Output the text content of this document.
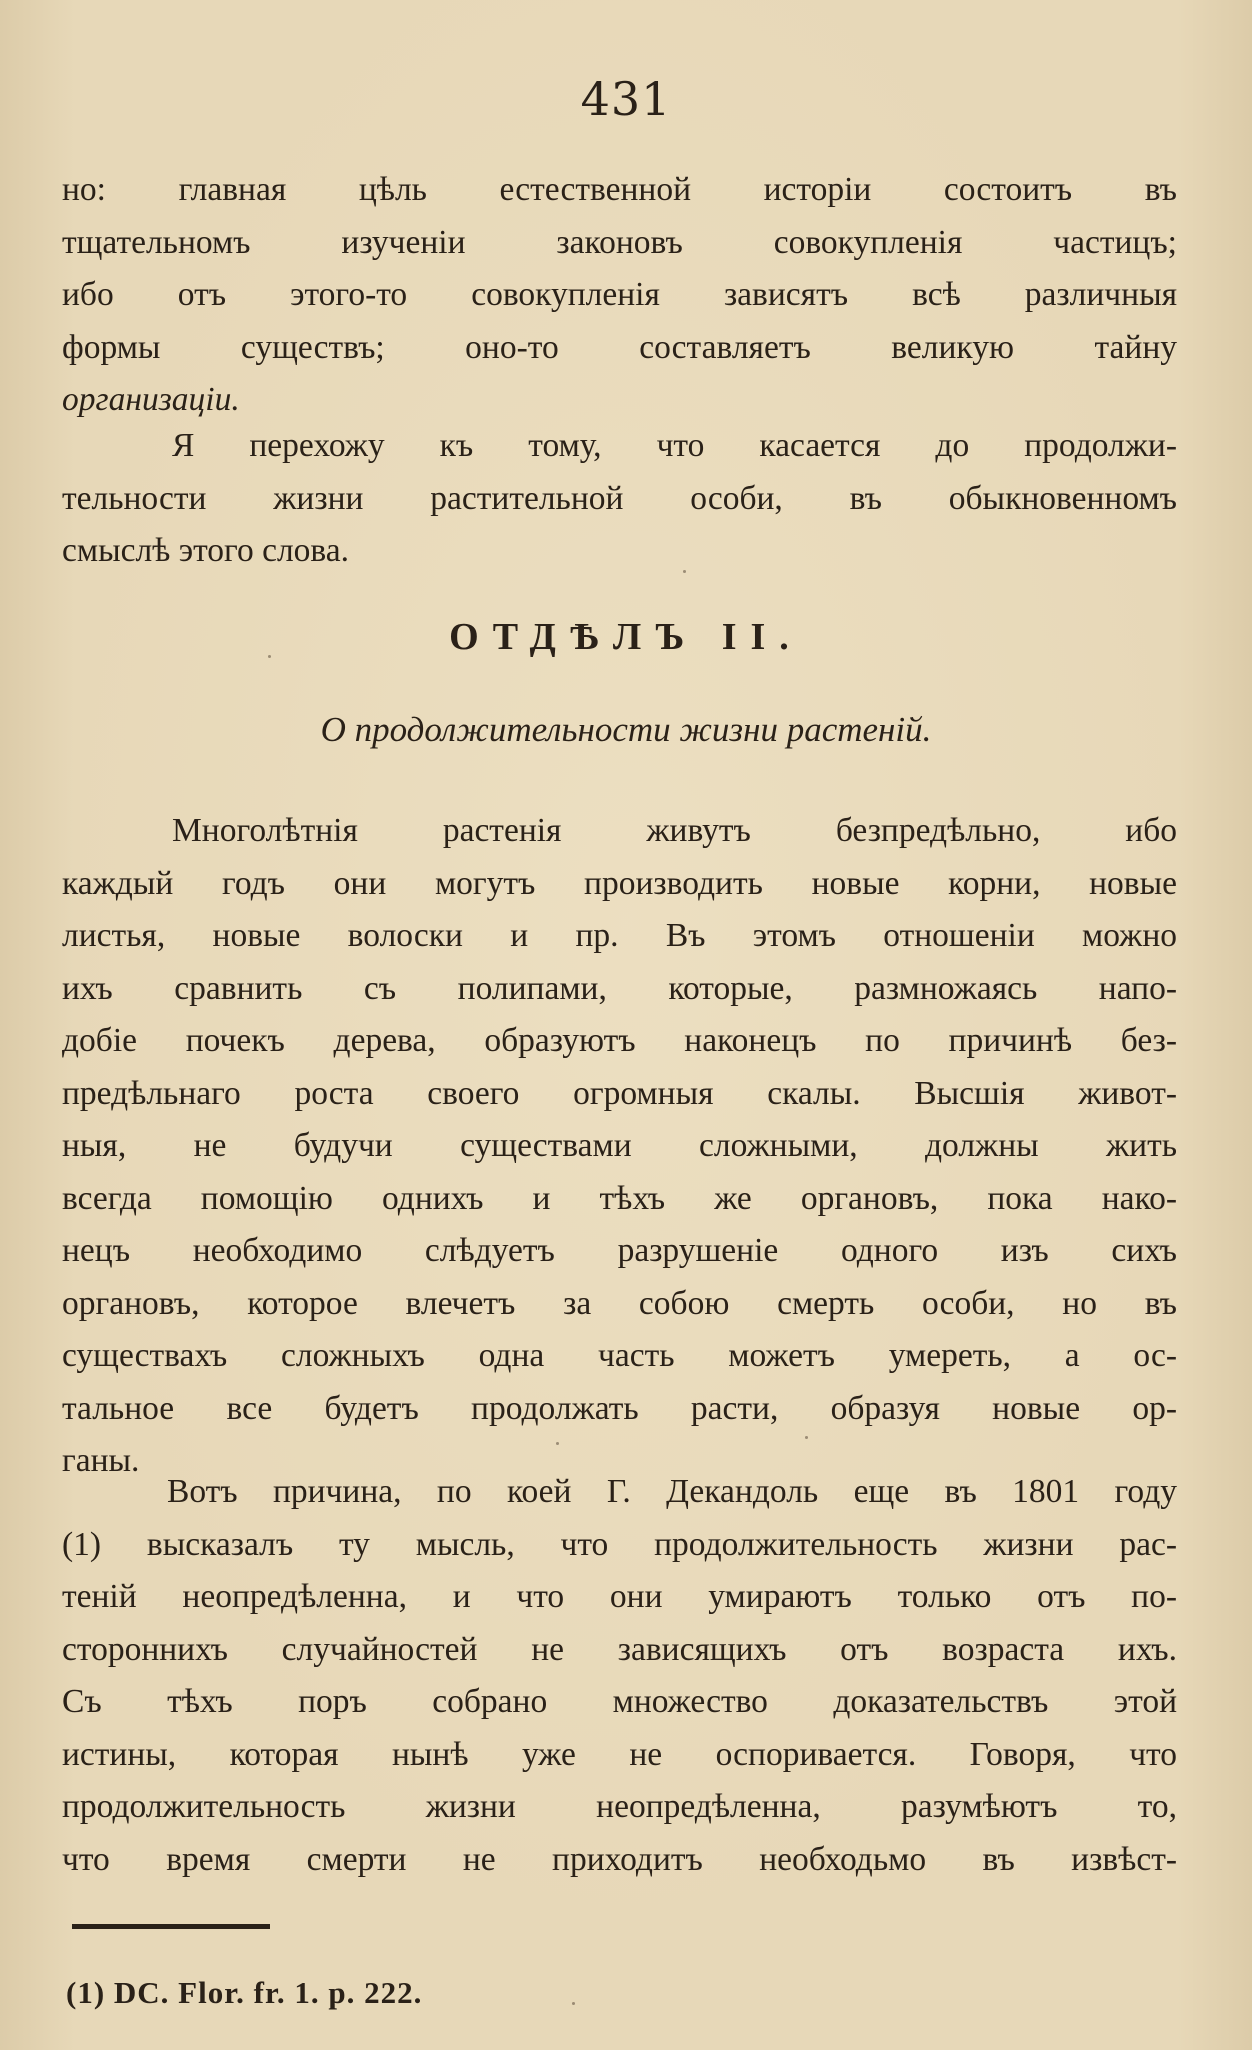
431
но: главная цѣль естественной исторіи состоитъ въ
тщательномъ изученіи законовъ совокупленія частицъ;
ибо отъ этого-то совокупленія зависятъ всѣ различныя
формы существъ; оно-то составляетъ великую тайну
организаціи.
Я перехожу къ тому, что касается до продолжи-
тельности жизни растительной особи, въ обыкновенномъ
смыслѣ этого слова.
ОТДѢЛЪ II.
О продолжительности жизни растеній.
Многолѣтнія растенія живутъ безпредѣльно, ибо
каждый годъ они могутъ производить новые корни, новые
листья, новые волоски и пр. Въ этомъ отношеніи можно
ихъ сравнить съ полипами, которые, размножаясь напо-
добіе почекъ дерева, образуютъ наконецъ по причинѣ без-
предѣльнаго роста своего огромныя скалы. Высшія живот-
ныя, не будучи существами сложными, должны жить
всегда помощію однихъ и тѣхъ же органовъ, пока нако-
нецъ необходимо слѣдуетъ разрушеніе одного изъ сихъ
органовъ, которое влечетъ за собою смерть особи, но въ
существахъ сложныхъ одна часть можетъ умереть, а ос-
тальное все будетъ продолжать расти, образуя новые ор-
ганы.
Вотъ причина, по коей Г. Декандоль еще въ 1801 году
(1) высказалъ ту мысль, что продолжительность жизни рас-
теній неопредѣленна, и что они умираютъ только отъ по-
стороннихъ случайностей не зависящихъ отъ возраста ихъ.
Съ тѣхъ поръ собрано множество доказательствъ этой
истины, которая нынѣ уже не оспоривается. Говоря, что
продолжительность жизни неопредѣленна, разумѣютъ то,
что время смерти не приходитъ необходьмо въ извѣст-
(1) DC. Flor. fr. 1. p. 222.
